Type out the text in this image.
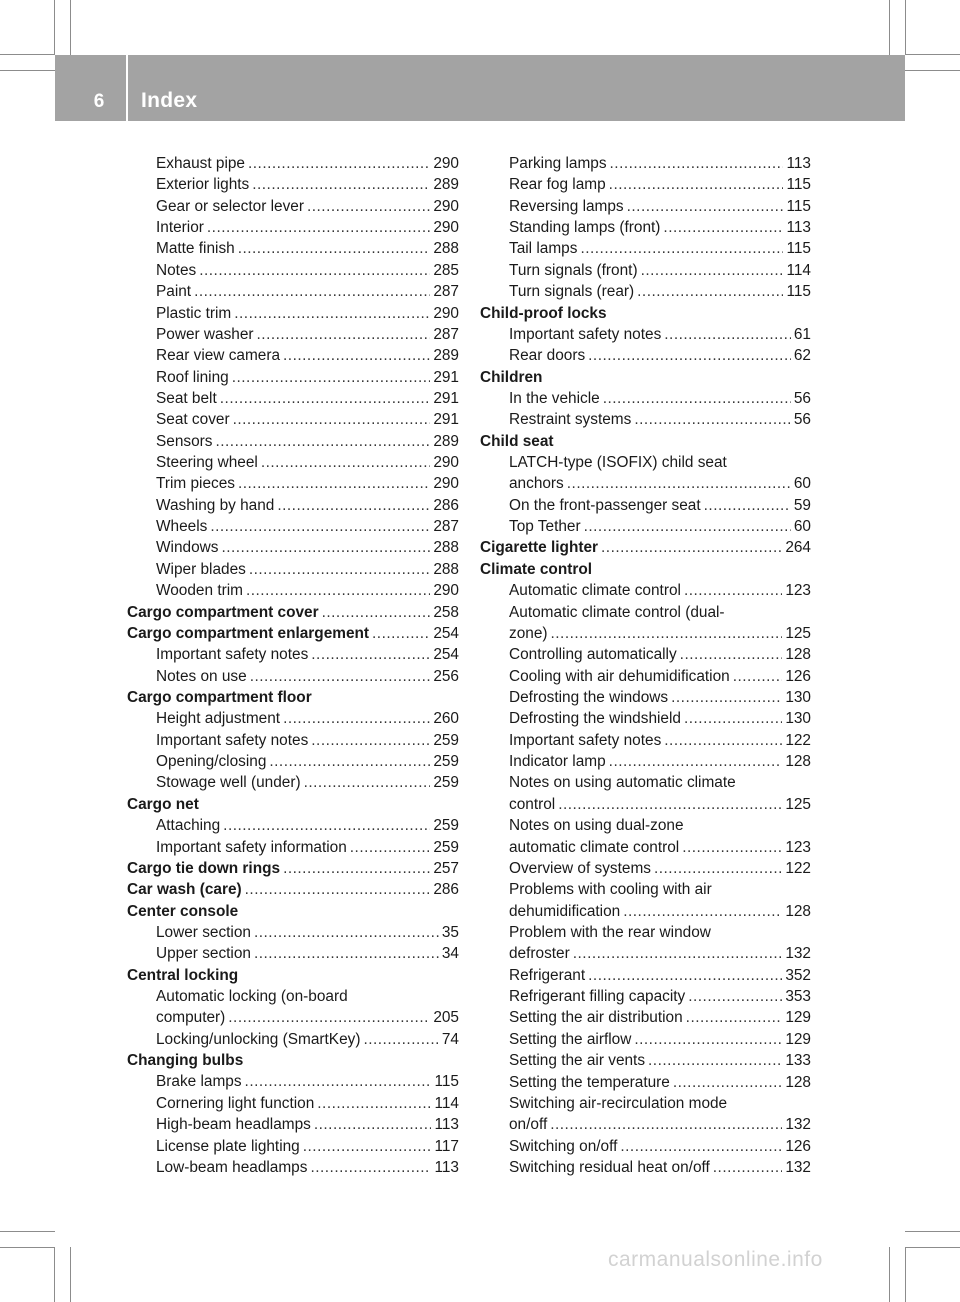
6	Index
Exhaust pipe .....	290
Exterior lights .....	289
Gear or selector lever .....	290
Interior .....	290
Matte finish .....	288
Notes .....	285
Paint .....	287
Plastic trim .....	290
Power washer .....	287
Rear view camera .....	289
Roof lining .....	291
Seat belt .....	291
Seat cover .....	291
Sensors .....	289
Steering wheel .....	290
Trim pieces .....	290
Washing by hand .....	286
Wheels .....	287
Windows .....	288
Wiper blades .....	288
Wooden trim .....	290
Cargo compartment cover .....	258
Cargo compartment enlargement .....	254
Important safety notes .....	254
Notes on use .....	256
Cargo compartment floor
Height adjustment .....	260
Important safety notes .....	259
Opening/closing .....	259
Stowage well (under) .....	259
Cargo net
Attaching .....	259
Important safety information .....	259
Cargo tie down rings .....	257
Car wash (care) .....	286
Center console
Lower section .....	35
Upper section .....	34
Central locking
Automatic locking (on-board
computer) .....	205
Locking/unlocking (SmartKey) .....	74
Changing bulbs
Brake lamps .....	115
Cornering light function .....	114
High-beam headlamps .....	113
License plate lighting .....	117
Low-beam headlamps .....	113
Parking lamps .....	113
Rear fog lamp .....	115
Reversing lamps .....	115
Standing lamps (front) .....	113
Tail lamps .....	115
Turn signals (front) .....	114
Turn signals (rear) .....	115
Child-proof locks
Important safety notes .....	61
Rear doors .....	62
Children
In the vehicle .....	56
Restraint systems .....	56
Child seat
LATCH-type (ISOFIX) child seat
anchors .....	60
On the front-passenger seat .....	59
Top Tether .....	60
Cigarette lighter .....	264
Climate control
Automatic climate control .....	123
Automatic climate control (dual-
zone) .....	125
Controlling automatically .....	128
Cooling with air dehumidification .....	126
Defrosting the windows .....	130
Defrosting the windshield .....	130
Important safety notes .....	122
Indicator lamp .....	128
Notes on using automatic climate
control .....	125
Notes on using dual-zone
automatic climate control .....	123
Overview of systems .....	122
Problems with cooling with air
dehumidification .....	128
Problem with the rear window
defroster .....	132
Refrigerant .....	352
Refrigerant filling capacity .....	353
Setting the air distribution .....	129
Setting the airflow .....	129
Setting the air vents .....	133
Setting the temperature .....	128
Switching air-recirculation mode
on/off .....	132
Switching on/off .....	126
Switching residual heat on/off .....	132
carmanualsonline.info
